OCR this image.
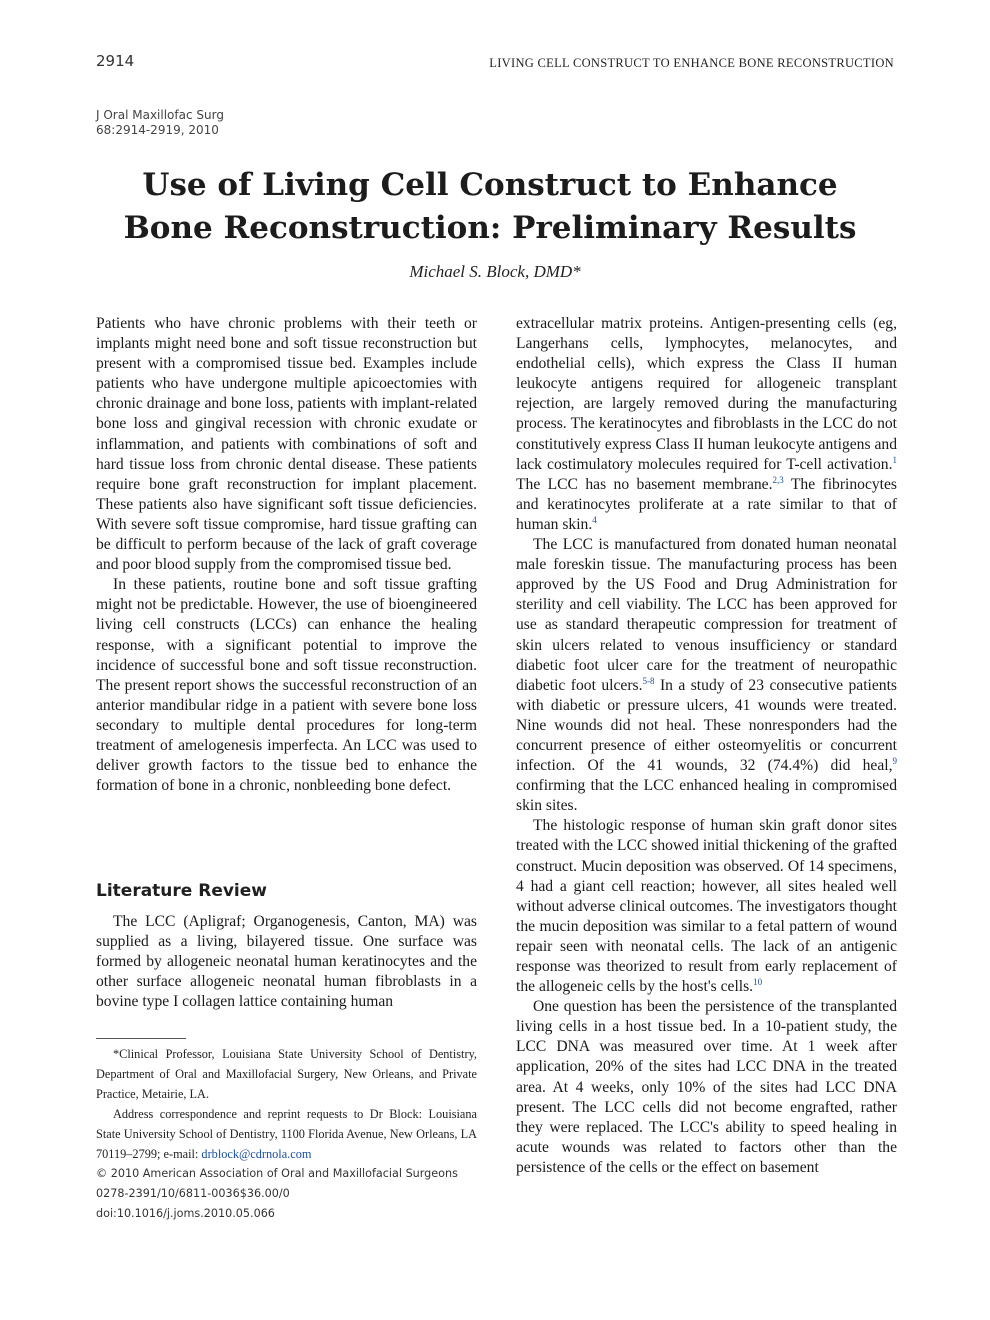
2914	LIVING CELL CONSTRUCT TO ENHANCE BONE RECONSTRUCTION
J Oral Maxillofac Surg
68:2914-2919, 2010
Use of Living Cell Construct to Enhance
Bone Reconstruction: Preliminary Results
Michael S. Block, DMD*

Patients who have chronic problems with their teeth or implants might need bone and soft tissue reconstruction but present with a compromised tissue bed. Examples include patients who have undergone multiple apicoectomies with chronic drainage and bone loss, patients with implant-related bone loss and gingival recession with chronic exudate or inflammation, and patients with combinations of soft and hard tissue loss from chronic dental disease. These patients require bone graft reconstruction for implant placement. These patients also have significant soft tissue deficiencies. With severe soft tissue compromise, hard tissue grafting can be difficult to perform because of the lack of graft coverage and poor blood supply from the compromised tissue bed.

In these patients, routine bone and soft tissue grafting might not be predictable. However, the use of bioengineered living cell constructs (LCCs) can enhance the healing response, with a significant potential to improve the incidence of successful bone and soft tissue reconstruction. The present report shows the successful reconstruction of an anterior mandibular ridge in a patient with severe bone loss secondary to multiple dental procedures for long-term treatment of amelogenesis imperfecta. An LCC was used to deliver growth factors to the tissue bed to enhance the formation of bone in a chronic, nonbleeding bone defect.

Literature Review

The LCC (Apligraf; Organogenesis, Canton, MA) was supplied as a living, bilayered tissue. One surface was formed by allogeneic neonatal human keratinocytes and the other surface allogeneic neonatal human fibroblasts in a bovine type I collagen lattice containing human

extracellular matrix proteins. Antigen-presenting cells (eg, Langerhans cells, lymphocytes, melanocytes, and endothelial cells), which express the Class II human leukocyte antigens required for allogeneic transplant rejection, are largely removed during the manufacturing process. The keratinocytes and fibroblasts in the LCC do not constitutively express Class II human leukocyte antigens and lack costimulatory molecules required for T-cell activation.$^1$ The LCC has no basement membrane.$^{2,3}$ The fibrinocytes and keratinocytes proliferate at a rate similar to that of human skin.$^4$

The LCC is manufactured from donated human neonatal male foreskin tissue. The manufacturing process has been approved by the US Food and Drug Administration for sterility and cell viability. The LCC has been approved for use as standard therapeutic compression for treatment of skin ulcers related to venous insufficiency or standard diabetic foot ulcer care for the treatment of neuropathic diabetic foot ulcers.$^{5-8}$ In a study of 23 consecutive patients with diabetic or pressure ulcers, 41 wounds were treated. Nine wounds did not heal. These nonresponders had the concurrent presence of either osteomyelitis or concurrent infection. Of the 41 wounds, 32 (74.4%) did heal,$^9$ confirming that the LCC enhanced healing in compromised skin sites.

The histologic response of human skin graft donor sites treated with the LCC showed initial thickening of the grafted construct. Mucin deposition was observed. Of 14 specimens, 4 had a giant cell reaction; however, all sites healed well without adverse clinical outcomes. The investigators thought the mucin deposition was similar to a fetal pattern of wound repair seen with neonatal cells. The lack of an antigenic response was theorized to result from early replacement of the allogeneic cells by the host's cells.$^{10}$

One question has been the persistence of the transplanted living cells in a host tissue bed. In a 10-patient study, the LCC DNA was measured over time. At 1 week after application, 20% of the sites had LCC DNA in the treated area. At 4 weeks, only 10% of the sites had LCC DNA present. The LCC cells did not become engrafted, rather they were replaced. The LCC's ability to speed healing in acute wounds was related to factors other than the persistence of the cells or the effect on basement

*Clinical Professor, Louisiana State University School of Dentistry, Department of Oral and Maxillofacial Surgery, New Orleans, and Private Practice, Metairie, LA.

Address correspondence and reprint requests to Dr Block: Louisiana State University School of Dentistry, 1100 Florida Avenue, New Orleans, LA 70119–2799; e-mail: drblock@cdrnola.com

© 2010 American Association of Oral and Maxillofacial Surgeons
0278-2391/10/6811-0036$36.00/0
doi:10.1016/j.joms.2010.05.066
